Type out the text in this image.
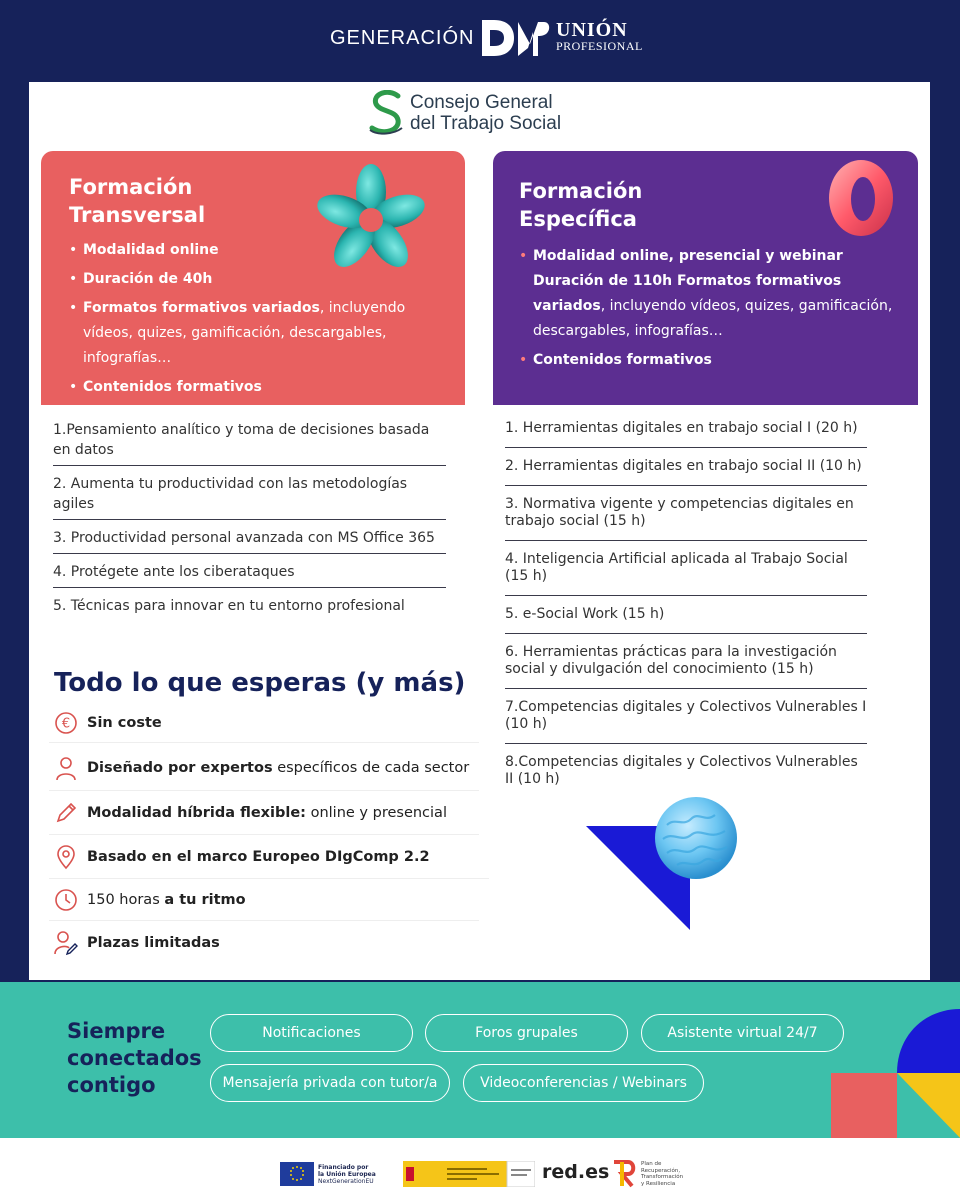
GENERACIÓN	UNIÓN
PROFESIONAL
Consejo General
del Trabajo Social
Formación
Transversal
• Modalidad online
• Duración de 40h
• Formatos formativos variados, incluyendo vídeos, quizes, gamificación, descargables, infografías…
• Contenidos formativos
Formación
Específica
• Modalidad online, presencial y webinar Duración de 110h Formatos formativos variados, incluyendo vídeos, quizes, gamificación, descargables, infografías…
• Contenidos formativos
1.Pensamiento analítico y toma de decisiones basada en datos
2. Aumenta tu productividad con las metodologías agiles
3. Productividad personal avanzada con MS Office 365
4. Protégete ante los ciberataques
5. Técnicas para innovar en tu entorno profesional
1. Herramientas digitales en trabajo social I (20 h)
2. Herramientas digitales en trabajo social II (10 h)
3. Normativa vigente y competencias digitales en trabajo social (15 h)
4. Inteligencia Artificial aplicada al Trabajo Social (15 h)
5. e-Social Work (15 h)
6. Herramientas prácticas para la investigación social y divulgación del conocimiento (15 h)
7.Competencias digitales y Colectivos Vulnerables I (10 h)
8.Competencias digitales y Colectivos Vulnerables II (10 h)
Todo lo que esperas (y más)
€ Sin coste
Diseñado por expertos específicos de cada sector
Modalidad híbrida flexible: online y presencial
Basado en el marco Europeo DIgComp 2.2
150 horas a tu ritmo
Plazas limitadas
Siempre
conectados
contigo
Notificaciones	Foros grupales	Asistente virtual 24/7
Mensajería privada con tutor/a	Videoconferencias / Webinars
Financiado por
la Unión Europea
NextGenerationEU	red.es	Plan de
Recuperación,
Transformación
y Resiliencia
